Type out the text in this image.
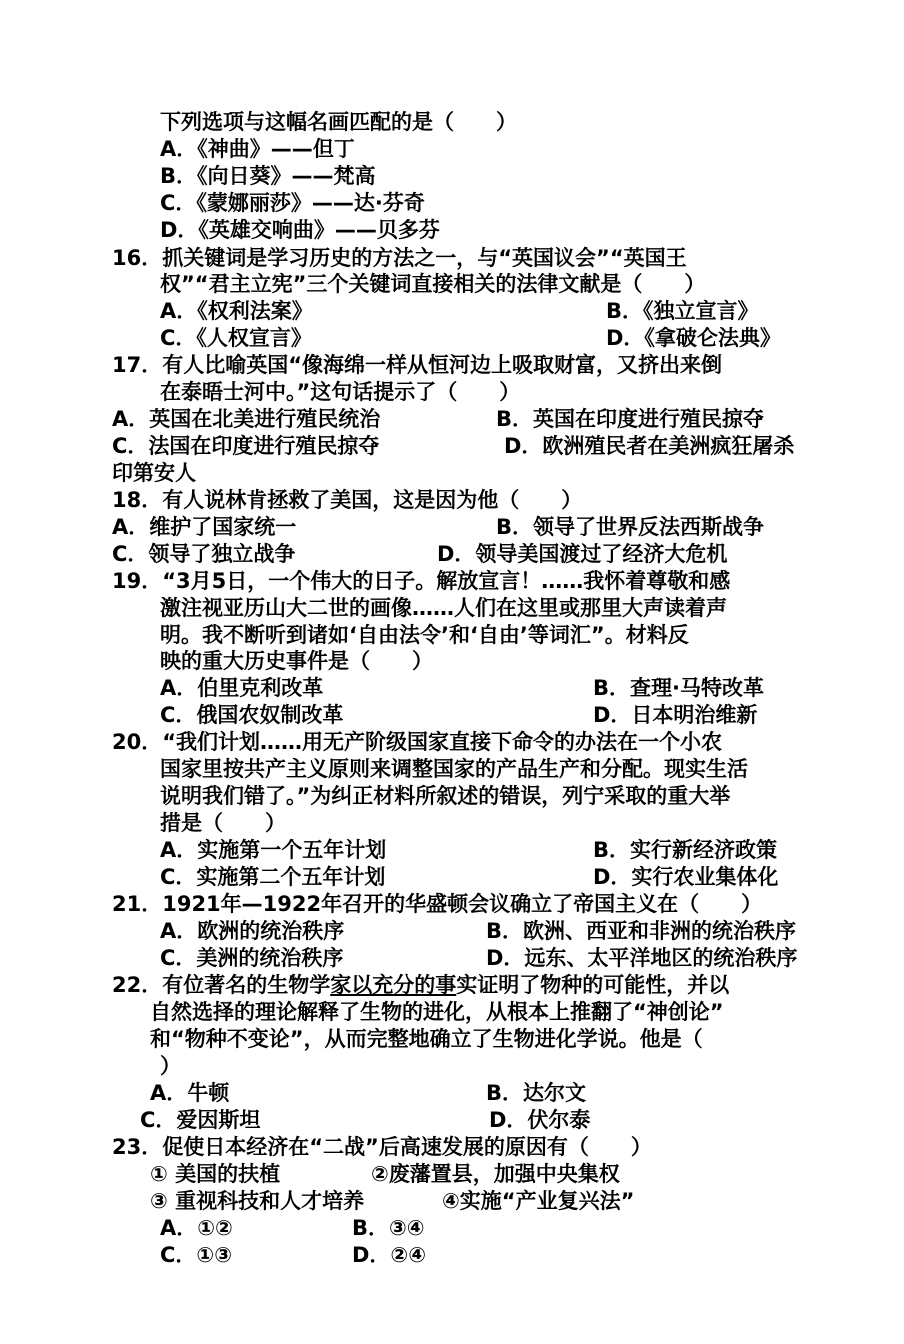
下列选项与这幅名画匹配的是（　　）
A．《神曲》——但丁
B．《向日葵》——梵高
C．《蒙娜丽莎》——达·芬奇
D．《英雄交响曲》——贝多芬
16．抓关键词是学习历史的方法之一，与“英国议会”“英国王
权”“君主立宪”三个关键词直接相关的法律文献是（　　）
A．《权利法案》	B．《独立宣言》
C．《人权宣言》	D．《拿破仑法典》
17．有人比喻英国“像海绵一样从恒河边上吸取财富，又挤出来倒
在泰晤士河中。”这句话提示了（　　）
A．英国在北美进行殖民统治	B．英国在印度进行殖民掠夺
C．法国在印度进行殖民掠夺	D．欧洲殖民者在美洲疯狂屠杀
印第安人
18．有人说林肯拯救了美国，这是因为他（　　）
A．维护了国家统一	B．领导了世界反法西斯战争
C．领导了独立战争	D．领导美国渡过了经济大危机
19．“3月5日，一个伟大的日子。解放宣言！……我怀着尊敬和感
激注视亚历山大二世的画像……人们在这里或那里大声读着声
明。我不断听到诸如‘自由法令’和‘自由’等词汇”。材料反
映的重大历史事件是（　　）
A．伯里克利改革	B．查理·马特改革
C．俄国农奴制改革	D．日本明治维新
20．“我们计划……用无产阶级国家直接下命令的办法在一个小农
国家里按共产主义原则来调整国家的产品生产和分配。现实生活
说明我们错了。”为纠正材料所叙述的错误，列宁采取的重大举
措是（　　）
A．实施第一个五年计划	B．实行新经济政策
C．实施第二个五年计划	D．实行农业集体化
21．1921年—1922年召开的华盛顿会议确立了帝国主义在（　　）
A．欧洲的统治秩序	B．欧洲、西亚和非洲的统治秩序
C．美洲的统治秩序	D．远东、太平洋地区的统治秩序
22．有位著名的生物学家以充分的事实证明了物种的可能性，并以
自然选择的理论解释了生物的进化，从根本上推翻了“神创论”
和“物种不变论”，从而完整地确立了生物进化学说。他是（
）
A．牛顿	B．达尔文
C．爱因斯坦	D．伏尔泰
23．促使日本经济在“二战”后高速发展的原因有（　　）
① 美国的扶植	②废藩置县，加强中央集权
③ 重视科技和人才培养	④实施“产业复兴法”
A．①②	B．③④
C．①③	D．②④
